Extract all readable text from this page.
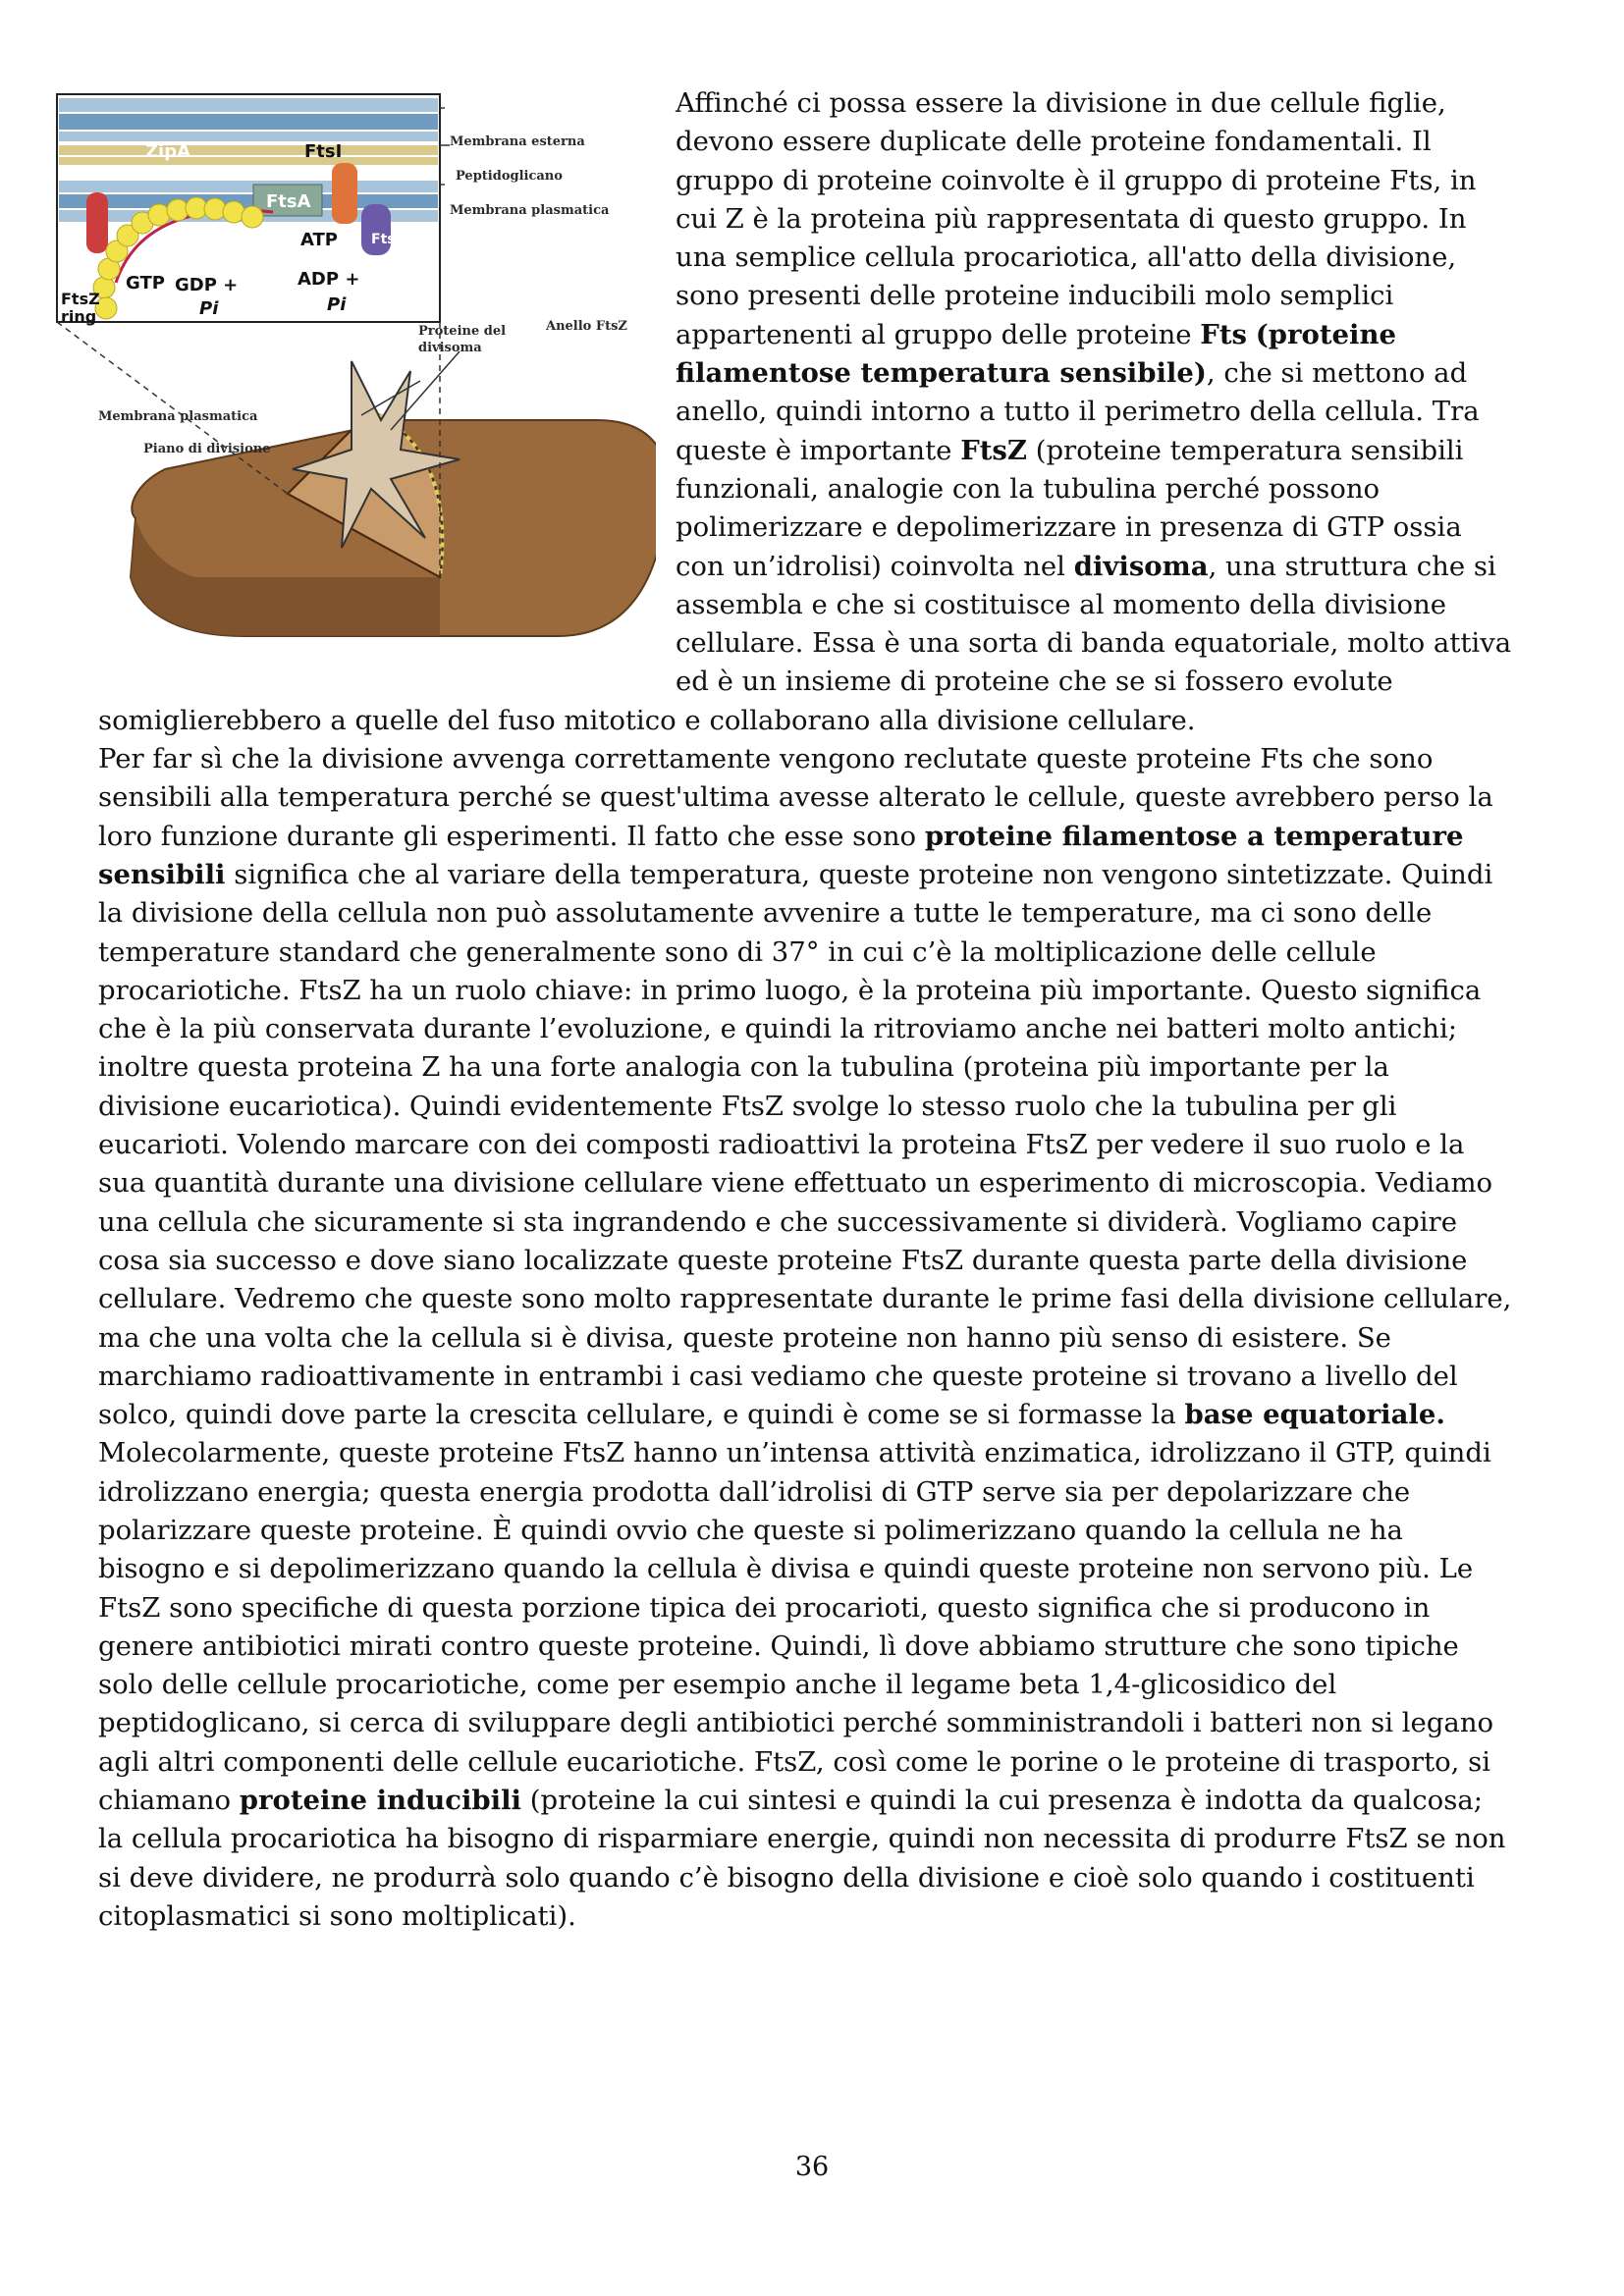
ZipA
FtsA
FtsI
FtsK
ATP
GTP GDP +
Pi
ADP +
Pi
FtsZ
ring
Membrana esterna
Peptidoglicano
Membrana plasmatica
Proteine del
divisoma
Anello FtsZ
Membrana plasmatica
Piano di divisione

Affinché ci possa essere la divisione in due cellule figlie, devono essere duplicate delle proteine fondamentali. Il gruppo di proteine coinvolte è il gruppo di proteine Fts, in cui Z è la proteina più rappresentata di questo gruppo. In una semplice cellula procariotica, all'atto della divisione, sono presenti delle proteine inducibili molo semplici appartenenti al gruppo delle proteine Fts (proteine filamentose temperatura sensibile), che si mettono ad anello, quindi intorno a tutto il perimetro della cellula. Tra queste è importante FtsZ (proteine temperatura sensibili funzionali, analogie con la tubulina perché possono polimerizzare e depolimerizzare in presenza di GTP ossia con un’idrolisi) coinvolta nel divisoma, una struttura che si assembla e che si costituisce al momento della divisione cellulare. Essa è una sorta di banda equatoriale, molto attiva ed è un insieme di proteine che se si fossero evolute somiglierebbero a quelle del fuso mitotico e collaborano alla divisione cellulare.

Per far sì che la divisione avvenga correttamente vengono reclutate queste proteine Fts che sono sensibili alla temperatura perché se quest'ultima avesse alterato le cellule, queste avrebbero perso la loro funzione durante gli esperimenti. Il fatto che esse sono proteine filamentose a temperature sensibili significa che al variare della temperatura, queste proteine non vengono sintetizzate. Quindi la divisione della cellula non può assolutamente avvenire a tutte le temperature, ma ci sono delle temperature standard che generalmente sono di 37° in cui c’è la moltiplicazione delle cellule procariotiche. FtsZ ha un ruolo chiave: in primo luogo, è la proteina più importante. Questo significa che è la più conservata durante l’evoluzione, e quindi la ritroviamo anche nei batteri molto antichi; inoltre questa proteina Z ha una forte analogia con la tubulina (proteina più importante per la divisione eucariotica). Quindi evidentemente FtsZ svolge lo stesso ruolo che la tubulina per gli eucarioti. Volendo marcare con dei composti radioattivi la proteina FtsZ per vedere il suo ruolo e la sua quantità durante una divisione cellulare viene effettuato un esperimento di microscopia. Vediamo una cellula che sicuramente si sta ingrandendo e che successivamente si dividerà. Vogliamo capire cosa sia successo e dove siano localizzate queste proteine FtsZ durante questa parte della divisione cellulare. Vedremo che queste sono molto rappresentate durante le prime fasi della divisione cellulare, ma che una volta che la cellula si è divisa, queste proteine non hanno più senso di esistere. Se marchiamo radioattivamente in entrambi i casi vediamo che queste proteine si trovano a livello del solco, quindi dove parte la crescita cellulare, e quindi è come se si formasse la base equatoriale. Molecolarmente, queste proteine FtsZ hanno un’intensa attività enzimatica, idrolizzano il GTP, quindi idrolizzano energia; questa energia prodotta dall’idrolisi di GTP serve sia per depolarizzare che polarizzare queste proteine. È quindi ovvio che queste si polimerizzano quando la cellula ne ha bisogno e si depolimerizzano quando la cellula è divisa e quindi queste proteine non servono più. Le FtsZ sono specifiche di questa porzione tipica dei procarioti, questo significa che si producono in genere antibiotici mirati contro queste proteine. Quindi, lì dove abbiamo strutture che sono tipiche solo delle cellule procariotiche, come per esempio anche il legame beta 1,4-glicosidico del peptidoglicano, si cerca di sviluppare degli antibiotici perché somministrandoli i batteri non si legano agli altri componenti delle cellule eucariotiche. FtsZ, così come le porine o le proteine di trasporto, si chiamano proteine inducibili (proteine la cui sintesi e quindi la cui presenza è indotta da qualcosa; la cellula procariotica ha bisogno di risparmiare energie, quindi non necessita di produrre FtsZ se non si deve dividere, ne produrrà solo quando c’è bisogno della divisione e cioè solo quando i costituenti citoplasmatici si sono moltiplicati).

36
